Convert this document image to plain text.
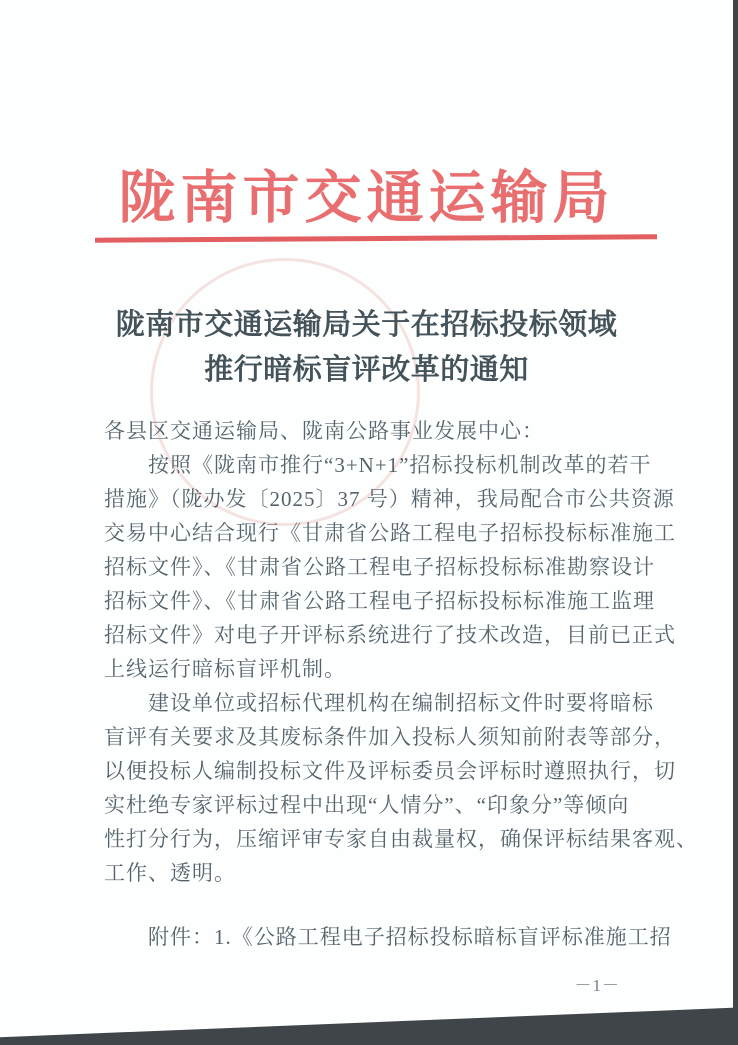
陇南市交通运输局
陇南市交通运输局关于在招标投标领域
推行暗标盲评改革的通知
各县区交通运输局、陇南公路事业发展中心：
　　按照《陇南市推行“3+N+1”招标投标机制改革的若干
措施》（陇办发〔2025〕37 号）精神，我局配合市公共资源
交易中心结合现行《甘肃省公路工程电子招标投标标准施工
招标文件》、《甘肃省公路工程电子招标投标标准勘察设计
招标文件》、《甘肃省公路工程电子招标投标标准施工监理
招标文件》对电子开评标系统进行了技术改造，目前已正式
上线运行暗标盲评机制。
　　建设单位或招标代理机构在编制招标文件时要将暗标
盲评有关要求及其废标条件加入投标人须知前附表等部分，
以便投标人编制投标文件及评标委员会评标时遵照执行，切
实杜绝专家评标过程中出现“人情分”、“印象分”等倾向
性打分行为，压缩评审专家自由裁量权，确保评标结果客观、
工作、透明。
　　附件：1.《公路工程电子招标投标暗标盲评标准施工招
－1－
